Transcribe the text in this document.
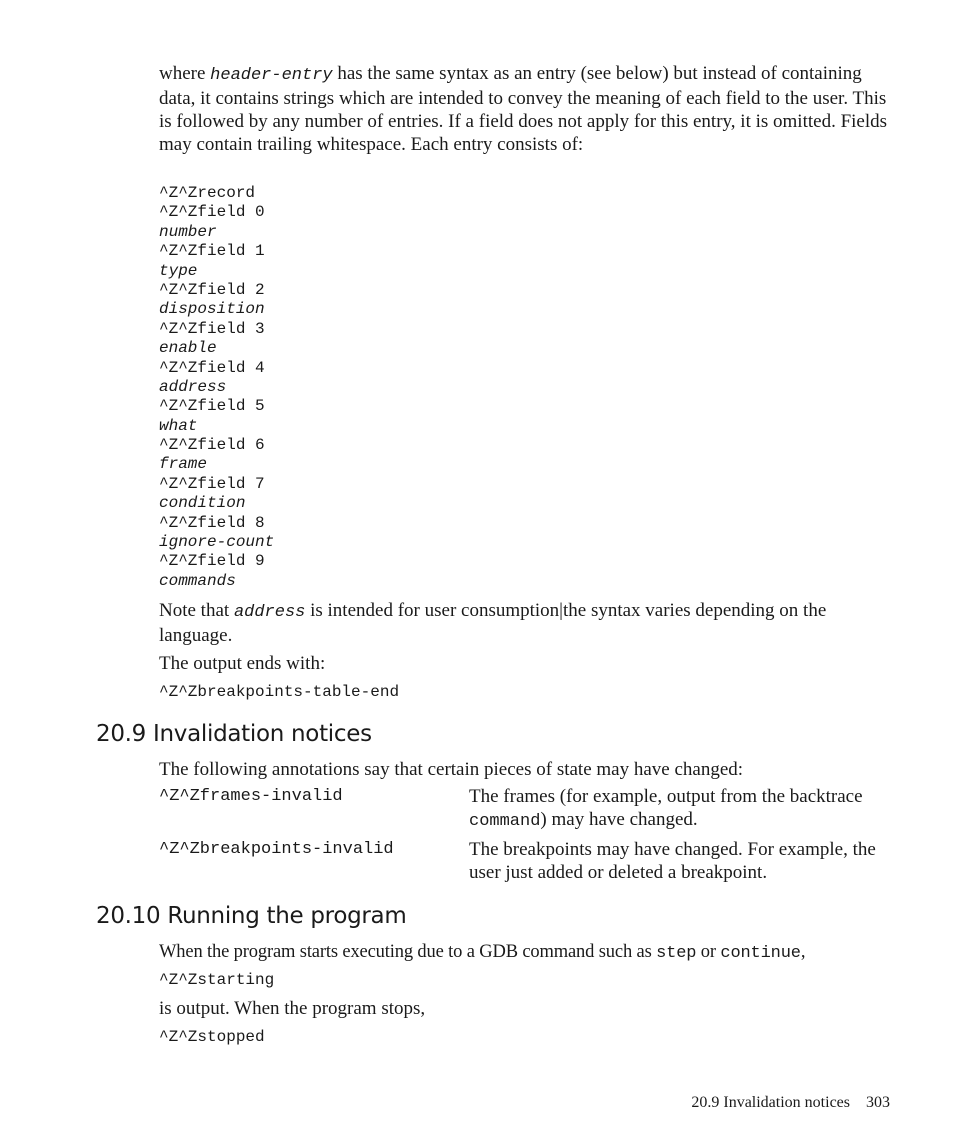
where header-entry has the same syntax as an entry (see below) but instead of containing data, it contains strings which are intended to convey the meaning of each field to the user. This is followed by any number of entries. If a field does not apply for this entry, it is omitted. Fields may contain trailing whitespace. Each entry consists of:

^Z^Zrecord
^Z^Zfield 0
number
^Z^Zfield 1
type
^Z^Zfield 2
disposition
^Z^Zfield 3
enable
^Z^Zfield 4
address
^Z^Zfield 5
what
^Z^Zfield 6
frame
^Z^Zfield 7
condition
^Z^Zfield 8
ignore-count
^Z^Zfield 9
commands

Note that address is intended for user consumption|the syntax varies depending on the language.

The output ends with:

^Z^Zbreakpoints-table-end
20.9 Invalidation notices

The following annotations say that certain pieces of state may have changed:

^Z^Zframes-invalid	The frames (for example, output from the backtrace command) may have changed.
^Z^Zbreakpoints-invalid	The breakpoints may have changed. For example, the user just added or deleted a breakpoint.
20.10 Running the program

When the program starts executing due to a GDB command such as step or continue,

^Z^Zstarting

is output. When the program stops,

^Z^Zstopped
20.9 Invalidation notices 303
